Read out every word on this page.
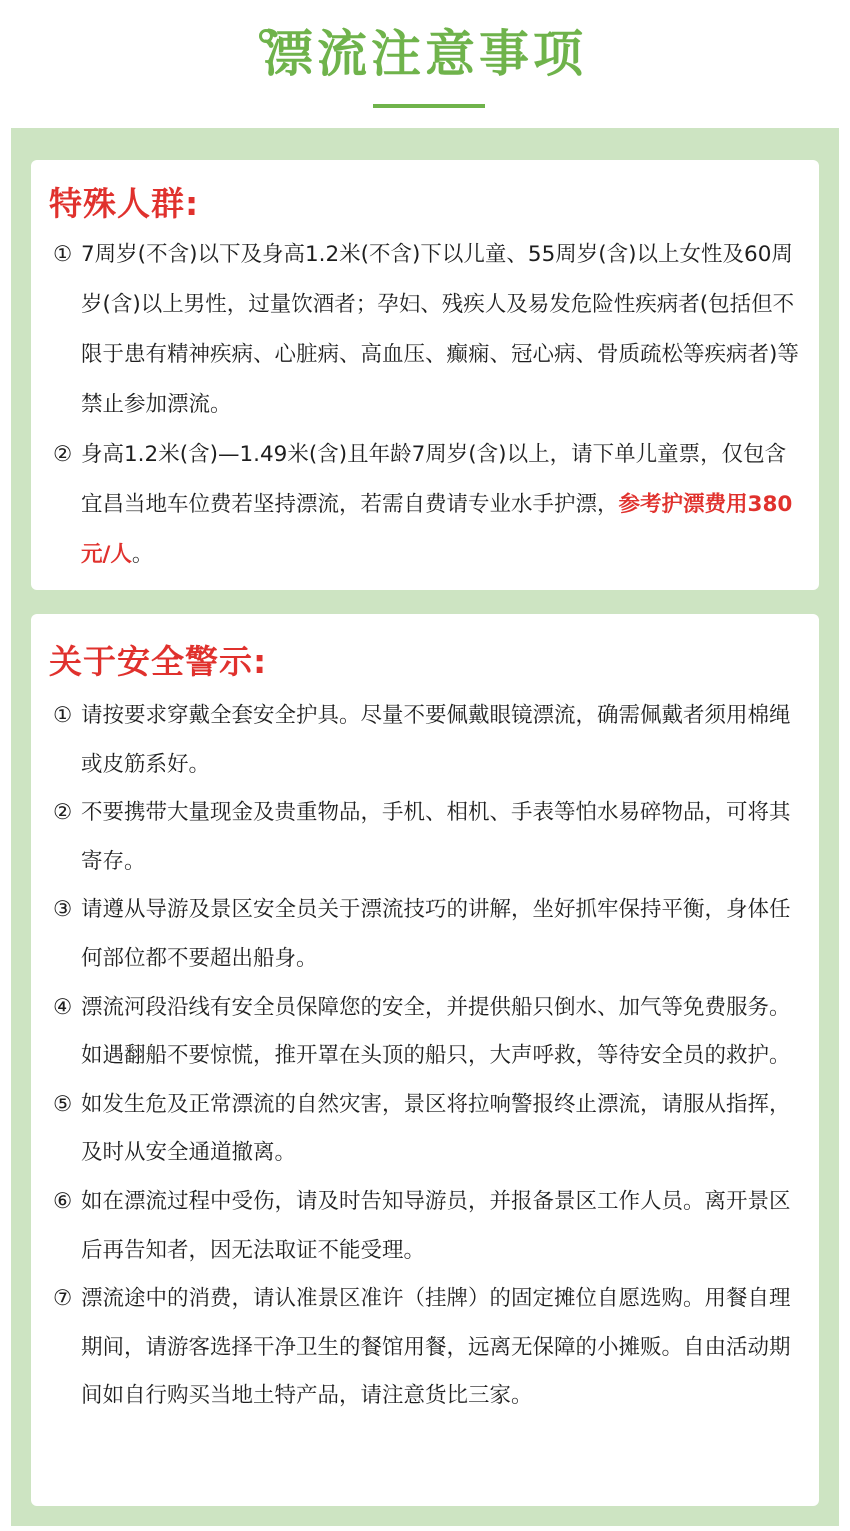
漂流注意事项
特殊人群:
① 7周岁(不含)以下及身高1.2米(不含)下以儿童、55周岁(含)以上女性及60周岁(含)以上男性，过量饮酒者；孕妇、残疾人及易发危险性疾病者(包括但不限于患有精神疾病、心脏病、高血压、癫痫、冠心病、骨质疏松等疾病者)等禁止参加漂流。
② 身高1.2米(含)—1.49米(含)且年龄7周岁(含)以上，请下单儿童票，仅包含宜昌当地车位费若坚持漂流，若需自费请专业水手护漂，参考护漂费用380元/人。
关于安全警示:
① 请按要求穿戴全套安全护具。尽量不要佩戴眼镜漂流，确需佩戴者须用棉绳或皮筋系好。
② 不要携带大量现金及贵重物品，手机、相机、手表等怕水易碎物品，可将其寄存。
③ 请遵从导游及景区安全员关于漂流技巧的讲解，坐好抓牢保持平衡，身体任何部位都不要超出船身。
④ 漂流河段沿线有安全员保障您的安全，并提供船只倒水、加气等免费服务。如遇翻船不要惊慌，推开罩在头顶的船只，大声呼救，等待安全员的救护。
⑤ 如发生危及正常漂流的自然灾害，景区将拉响警报终止漂流，请服从指挥，及时从安全通道撤离。
⑥ 如在漂流过程中受伤，请及时告知导游员，并报备景区工作人员。离开景区后再告知者，因无法取证不能受理。
⑦ 漂流途中的消费，请认准景区准许（挂牌）的固定摊位自愿选购。用餐自理期间，请游客选择干净卫生的餐馆用餐，远离无保障的小摊贩。自由活动期间如自行购买当地土特产品，请注意货比三家。
